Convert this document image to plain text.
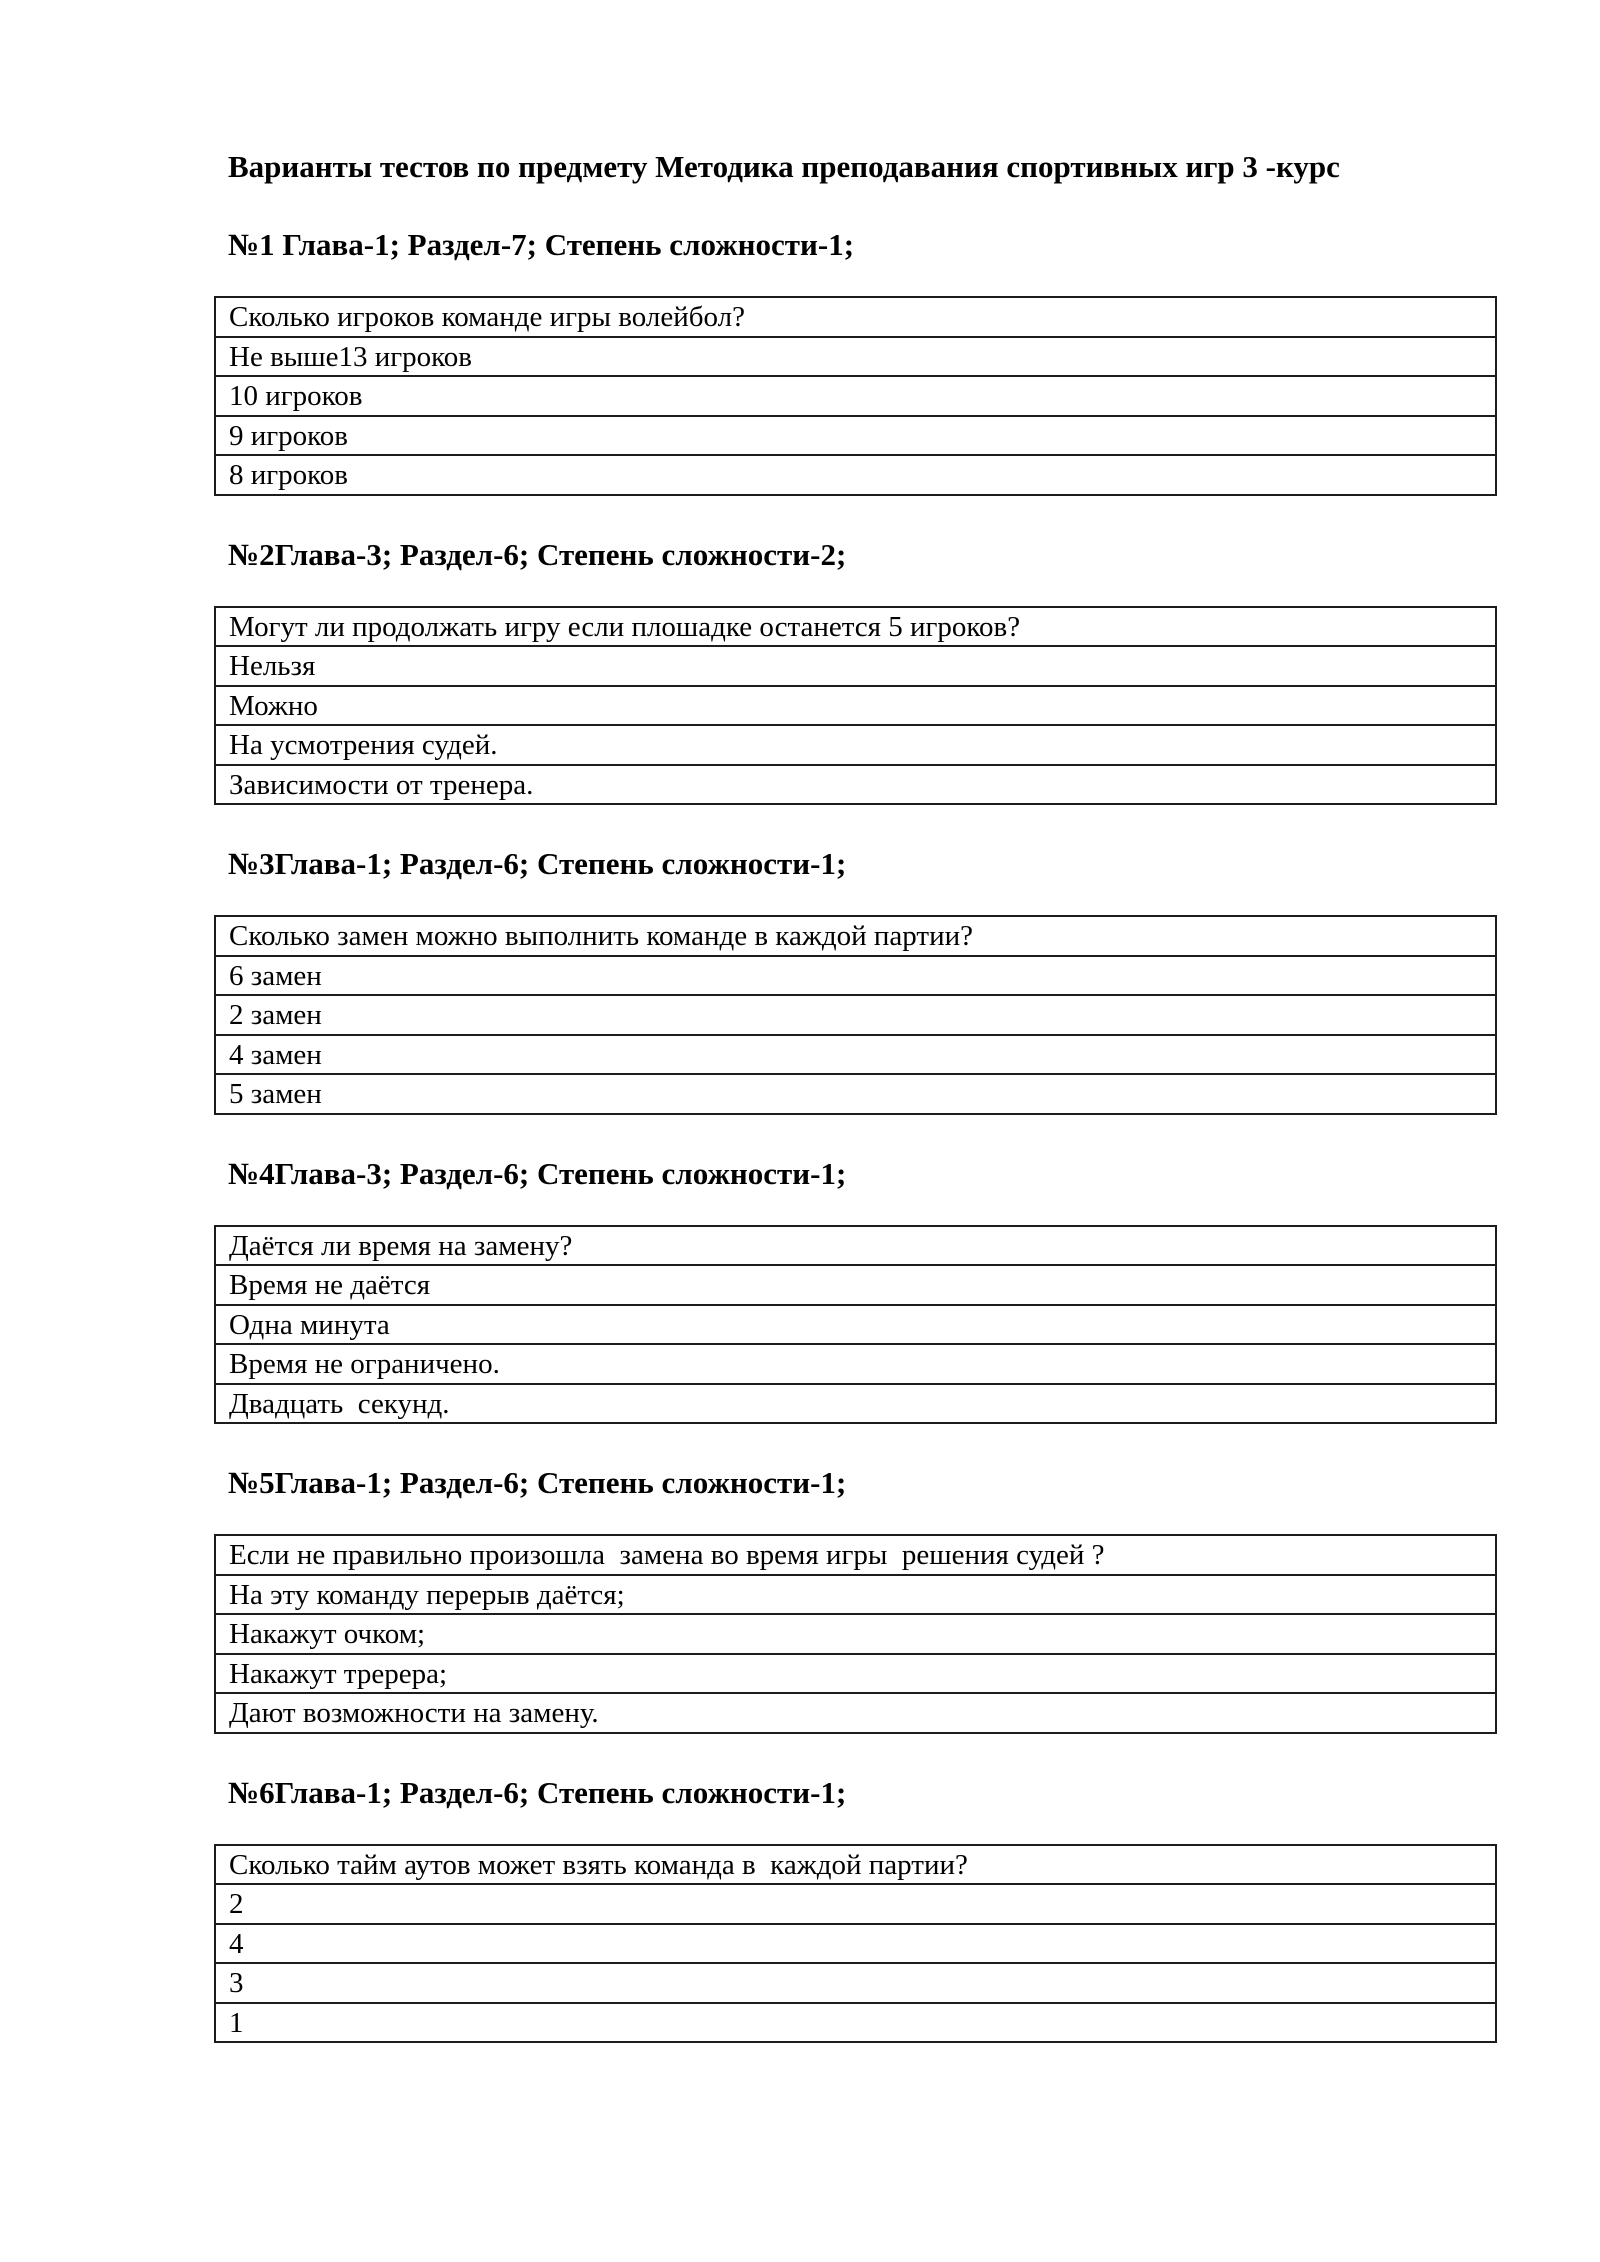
Варианты тестов по предмету Методика преподавания спортивных игр 3 -курс
№1 Глава-1; Раздел-7; Степень сложности-1;
Сколько игроков команде игры волейбол?
Не выше13 игроков
10 игроков
9 игроков
8 игроков
№2Глава-3; Раздел-6; Степень сложности-2;
Могут ли продолжать игру если плошадке останется 5 игроков?
Нельзя
Можно
На усмотрения судей.
Зависимости от тренера.
№3Глава-1; Раздел-6; Степень сложности-1;
Сколько замен можно выполнить команде в каждой партии?
6 замен
2 замен
4 замен
5 замен
№4Глава-3; Раздел-6; Степень сложности-1;
Даётся ли время на замену?
Время не даётся
Одна минута
Время не ограничено.
Двадцать  секунд.
№5Глава-1; Раздел-6; Степень сложности-1;
Если не правильно произошла  замена во время игры  решения судей ?
На эту команду перерыв даётся;
Накажут очком;
Накажут тререра;
Дают возможности на замену.
№6Глава-1; Раздел-6; Степень сложности-1;
Сколько тайм аутов может взять команда в  каждой партии?
2
4
3
1
